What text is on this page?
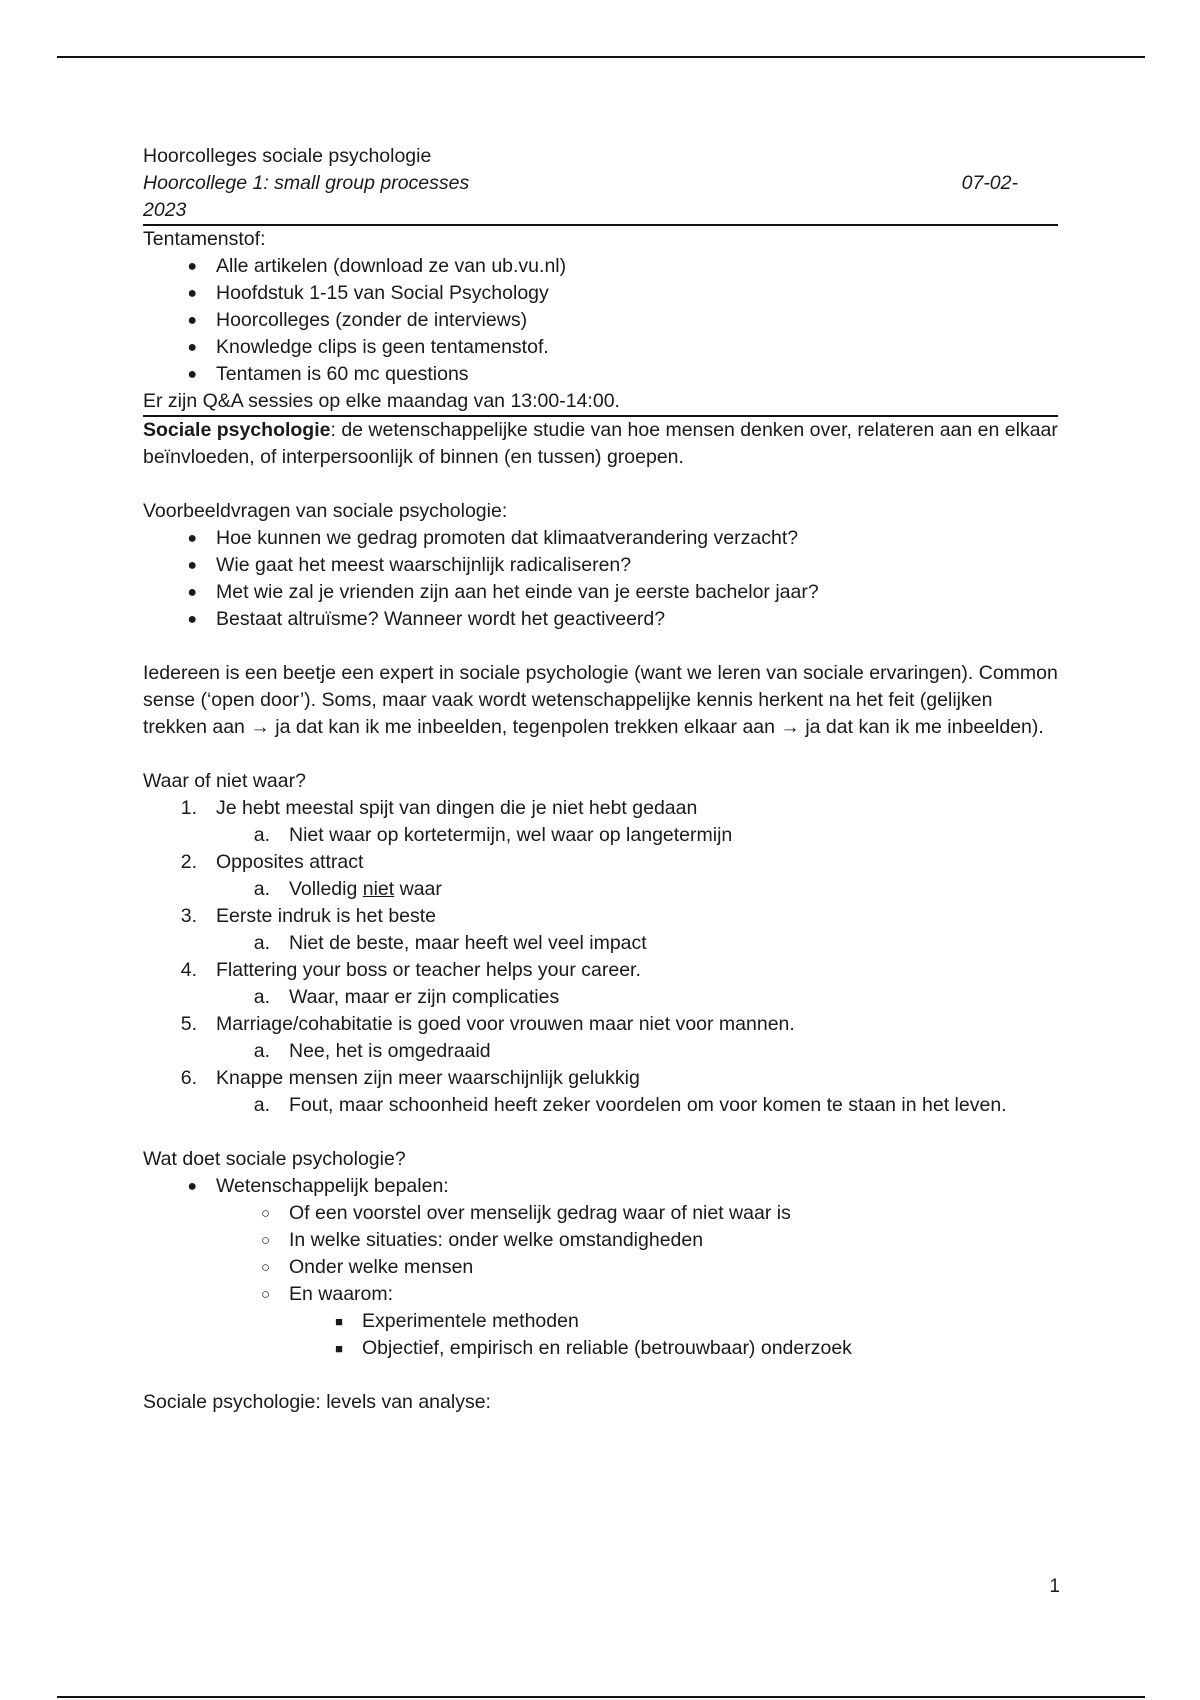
Hoorcolleges sociale psychologie
Hoorcollege 1: small group processes	07-02-
2023
Tentamenstof:
● Alle artikelen (download ze van ub.vu.nl)
● Hoofdstuk 1-15 van Social Psychology
● Hoorcolleges (zonder de interviews)
● Knowledge clips is geen tentamenstof.
● Tentamen is 60 mc questions
Er zijn Q&A sessies op elke maandag van 13:00-14:00.
Sociale psychologie: de wetenschappelijke studie van hoe mensen denken over, relateren aan en elkaar beïnvloeden, of interpersoonlijk of binnen (en tussen) groepen.
Voorbeeldvragen van sociale psychologie:
● Hoe kunnen we gedrag promoten dat klimaatverandering verzacht?
● Wie gaat het meest waarschijnlijk radicaliseren?
● Met wie zal je vrienden zijn aan het einde van je eerste bachelor jaar?
● Bestaat altruïsme? Wanneer wordt het geactiveerd?
Iedereen is een beetje een expert in sociale psychologie (want we leren van sociale ervaringen). Common sense (‘open door’). Soms, maar vaak wordt wetenschappelijke kennis herkent na het feit (gelijken trekken aan → ja dat kan ik me inbeelden, tegenpolen trekken elkaar aan → ja dat kan ik me inbeelden).
Waar of niet waar?
1. Je hebt meestal spijt van dingen die je niet hebt gedaan
a. Niet waar op kortetermijn, wel waar op langetermijn
2. Opposites attract
a. Volledig niet waar
3. Eerste indruk is het beste
a. Niet de beste, maar heeft wel veel impact
4. Flattering your boss or teacher helps your career.
a. Waar, maar er zijn complicaties
5. Marriage/cohabitatie is goed voor vrouwen maar niet voor mannen.
a. Nee, het is omgedraaid
6. Knappe mensen zijn meer waarschijnlijk gelukkig
a. Fout, maar schoonheid heeft zeker voordelen om voor komen te staan in het leven.
Wat doet sociale psychologie?
● Wetenschappelijk bepalen:
○ Of een voorstel over menselijk gedrag waar of niet waar is
○ In welke situaties: onder welke omstandigheden
○ Onder welke mensen
○ En waarom:
■ Experimentele methoden
■ Objectief, empirisch en reliable (betrouwbaar) onderzoek
Sociale psychologie: levels van analyse:
1
